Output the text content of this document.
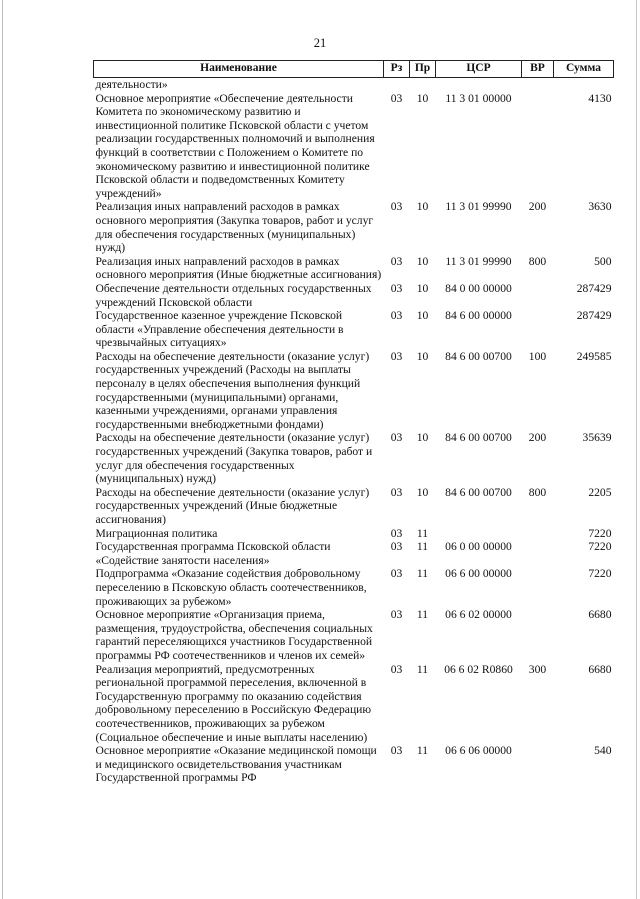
21
Наименование	Рз	Пр	ЦСР	ВР	Сумма
деятельности»					
Основное мероприятие «Обеспечение деятельности Комитета по экономическому развитию и инвестиционной политике Псковской области с учетом реализации государственных полномочий и выполнения функций в соответствии с Положением о Комитете по экономическому развитию и инвестиционной политике Псковской области и подведомственных Комитету учреждений»	03	10	11 3 01 00000		4130
Реализация иных направлений расходов в рамках основного мероприятия (Закупка товаров, работ и услуг для обеспечения государственных (муниципальных) нужд)	03	10	11 3 01 99990	200	3630
Реализация иных направлений расходов в рамках основного мероприятия (Иные бюджетные ассигнования)	03	10	11 3 01 99990	800	500
Обеспечение деятельности отдельных государственных учреждений Псковской области	03	10	84 0 00 00000		287429
Государственное казенное учреждение Псковской области «Управление обеспечения деятельности в чрезвычайных ситуациях»	03	10	84 6 00 00000		287429
Расходы на обеспечение деятельности (оказание услуг) государственных учреждений (Расходы на выплаты персоналу в целях обеспечения выполнения функций государственными (муниципальными) органами, казенными учреждениями, органами управления государственными внебюджетными фондами)	03	10	84 6 00 00700	100	249585
Расходы на обеспечение деятельности (оказание услуг) государственных учреждений (Закупка товаров, работ и услуг для обеспечения государственных (муниципальных) нужд)	03	10	84 6 00 00700	200	35639
Расходы на обеспечение деятельности (оказание услуг) государственных учреждений (Иные бюджетные ассигнования)	03	10	84 6 00 00700	800	2205
Миграционная политика	03	11			7220
Государственная программа Псковской области «Содействие занятости населения»	03	11	06 0 00 00000		7220
Подпрограмма «Оказание содействия добровольному переселению в Псковскую область соотечественников, проживающих за рубежом»	03	11	06 6 00 00000		7220
Основное мероприятие «Организация приема, размещения, трудоустройства, обеспечения социальных гарантий переселяющихся участников Государственной программы РФ соотечественников и членов их семей»	03	11	06 6 02 00000		6680
Реализация мероприятий, предусмотренных региональной программой переселения, включенной в Государственную программу по оказанию содействия добровольному переселению в Российскую Федерацию соотечественников, проживающих за рубежом (Социальное обеспечение и иные выплаты населению)	03	11	06 6 02 R0860	300	6680
Основное мероприятие «Оказание медицинской помощи и медицинского освидетельствования участникам Государственной программы РФ	03	11	06 6 06 00000		540
